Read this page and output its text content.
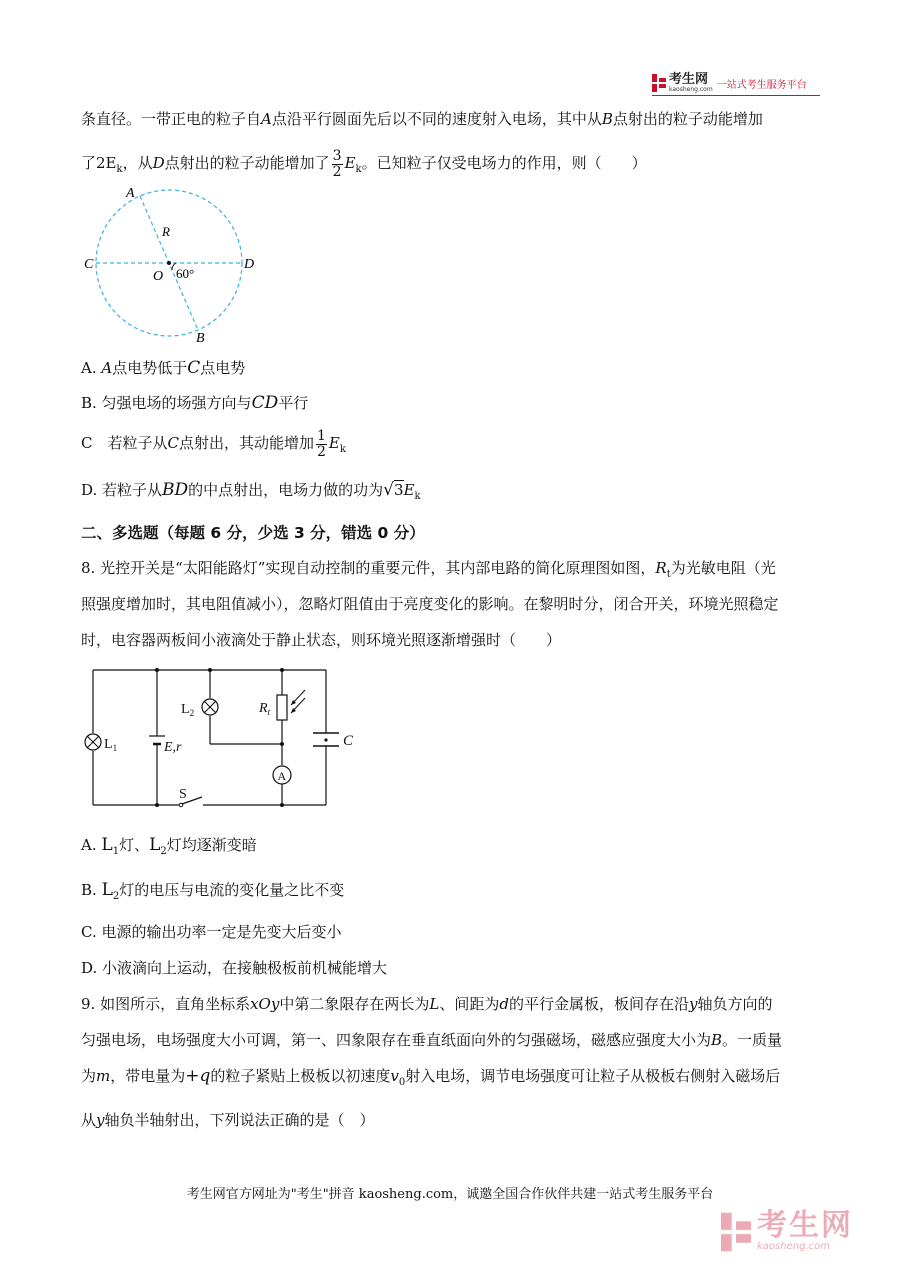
考生网
kaosheng.com 一站式考生服务平台
条直径。一带正电的粒子自A点沿平行圆面先后以不同的速度射入电场，其中从B点射出的粒子动能增加
了$2E_k$，从D点射出的粒子动能增加了 $\frac{3}{2} E_k$。已知粒子仅受电场力的作用，则（　　）
A
B
C	D
O
R
60°
A. A点电势低于C点电势
B. 匀强电场的场强方向与CD平行
C　若粒子从C点射出，其动能增加 $\frac{1}{2} E_k$
D. 若粒子从BD的中点射出，电场力做的功为$√3E_k$
二、多选题（每题 6 分，少选 3 分，错选 0 分）
8. 光控开关是“太阳能路灯”实现自动控制的重要元件，其内部电路的简化原理图如图，$R_t$为光敏电阻（光
照强度增加时，其电阻值减小），忽略灯阻值由于亮度变化的影响。在黎明时分，闭合开关，环境光照稳定
时，电容器两板间小液滴处于静止状态，则环境光照逐渐增强时（　　）
$L_2$	$R_t$
C
$L_1$	E,r
A
S
A. $L_1$灯、$L_2$灯均逐渐变暗
B. $L_2$灯的电压与电流的变化量之比不变
C. 电源的输出功率一定是先变大后变小
D. 小液滴向上运动，在接触极板前机械能增大
9. 如图所示，直角坐标系xOy中第二象限存在两长为L、间距为d的平行金属板，板间存在沿y轴负方向的
匀强电场，电场强度大小可调，第一、四象限存在垂直纸面向外的匀强磁场，磁感应强度大小为B。一质量
为m，带电量为+q的粒子紧贴上极板以初速度$v_0$射入电场，调节电场强度可让粒子从极板右侧射入磁场后
从y轴负半轴射出，下列说法正确的是（　）
考生网官方网址为"考生"拼音 kaosheng.com，诚邀全国合作伙伴共建一站式考生服务平台
考生网
kaosheng.com
